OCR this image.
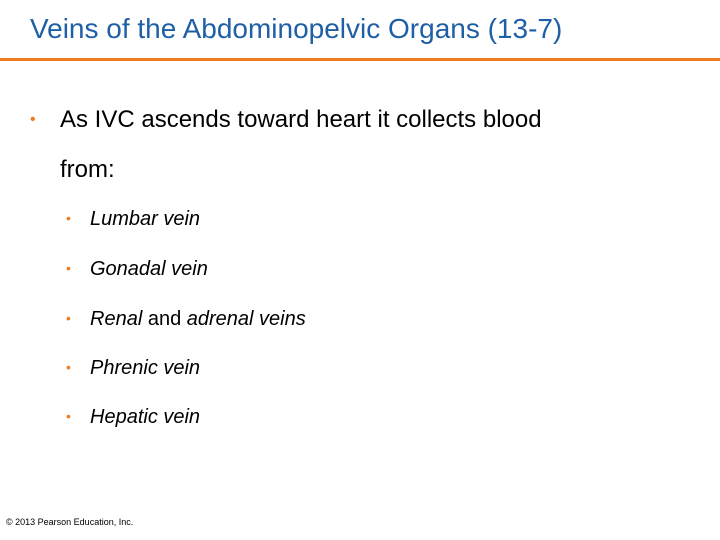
Veins of the Abdominopelvic Organs (13-7)
•	As IVC ascends toward heart it collects blood
from:
• Lumbar vein
• Gonadal vein
• Renal and adrenal veins
• Phrenic vein
• Hepatic vein
© 2013 Pearson Education, Inc.
